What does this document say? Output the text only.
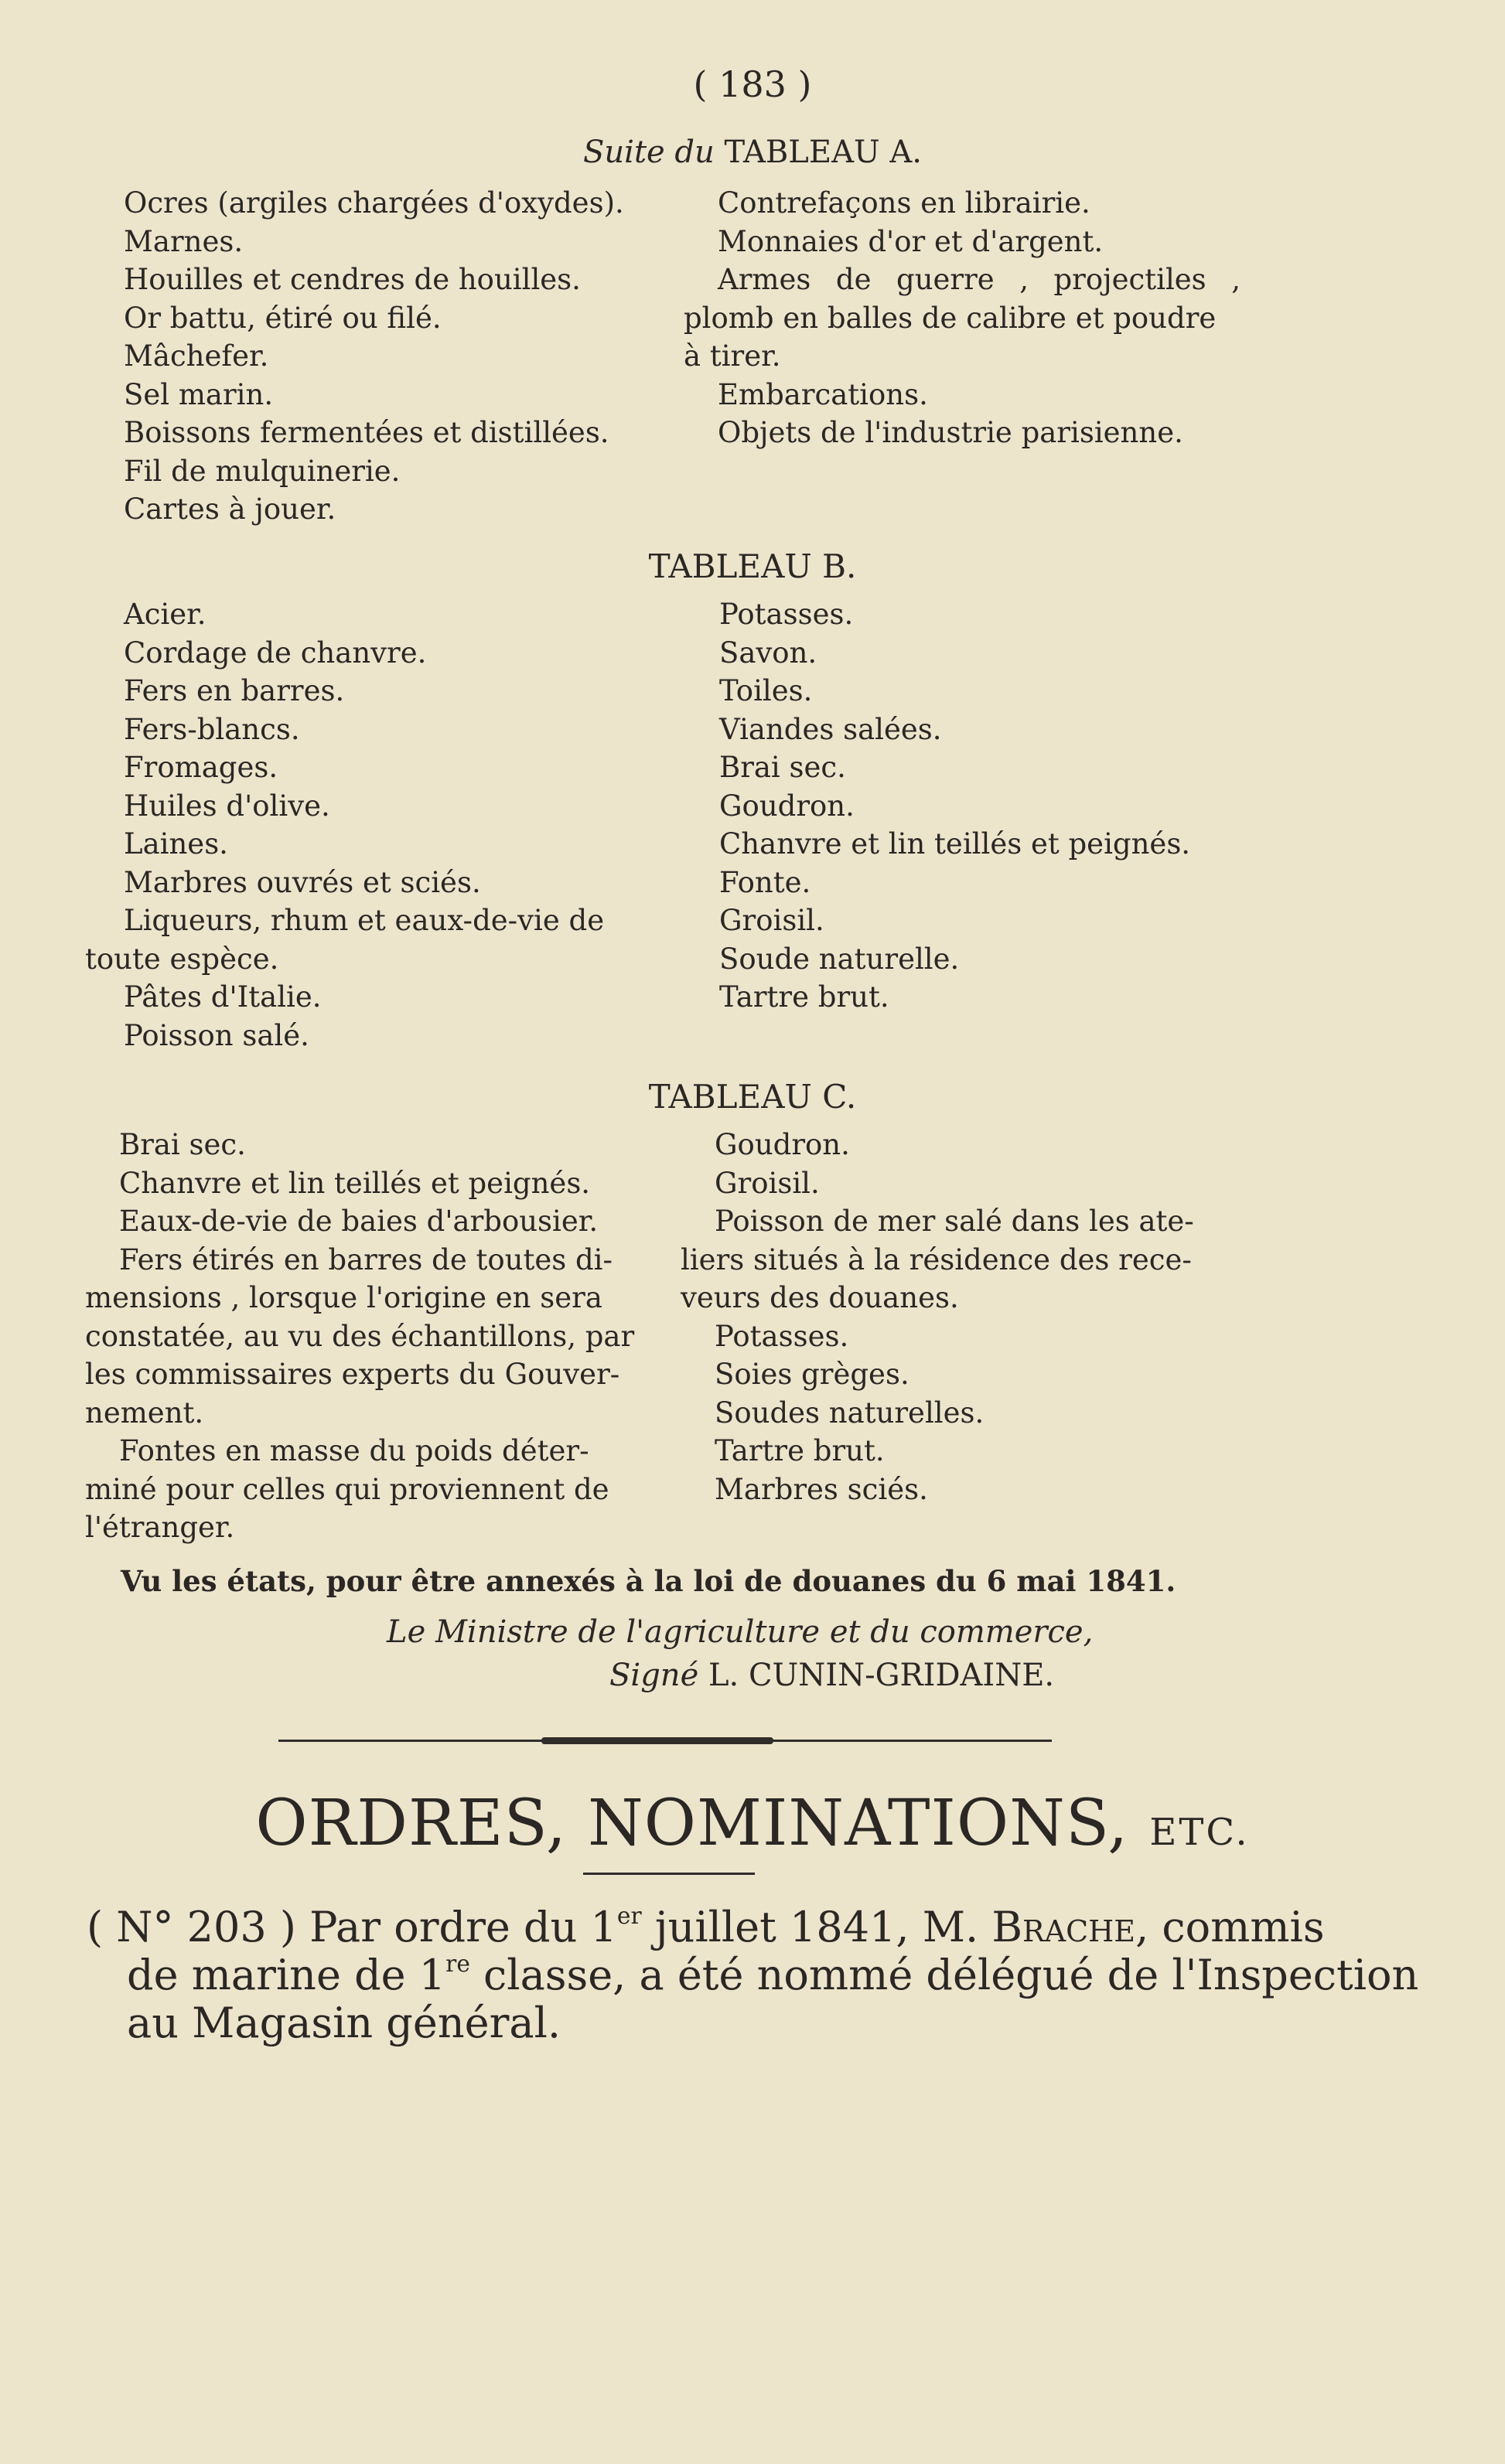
( 183 )
Suite du TABLEAU A.
Ocres (argiles chargées d'oxydes).
Marnes.
Houilles et cendres de houilles.
Or battu, étiré ou filé.
Mâchefer.
Sel marin.
Boissons fermentées et distillées.
Fil de mulquinerie.
Cartes à jouer.
Contrefaçons en librairie.
Monnaies d'or et d'argent.
Armes de guerre , projectiles ,
plomb en balles de calibre et poudre
à tirer.
Embarcations.
Objets de l'industrie parisienne.
TABLEAU B.
Acier.
Cordage de chanvre.
Fers en barres.
Fers-blancs.
Fromages.
Huiles d'olive.
Laines.
Marbres ouvrés et sciés.
Liqueurs, rhum et eaux-de-vie de
toute espèce.
Pâtes d'Italie.
Poisson salé.
Potasses.
Savon.
Toiles.
Viandes salées.
Brai sec.
Goudron.
Chanvre et lin teillés et peignés.
Fonte.
Groisil.
Soude naturelle.
Tartre brut.
TABLEAU C.
Brai sec.
Chanvre et lin teillés et peignés.
Eaux-de-vie de baies d'arbousier.
Fers étirés en barres de toutes di-
mensions , lorsque l'origine en sera
constatée, au vu des échantillons, par
les commissaires experts du Gouver-
nement.
Fontes en masse du poids déter-
miné pour celles qui proviennent de
l'étranger.
Goudron.
Groisil.
Poisson de mer salé dans les ate-
liers situés à la résidence des rece-
veurs des douanes.
Potasses.
Soies grèges.
Soudes naturelles.
Tartre brut.
Marbres sciés.
Vu les états, pour être annexés à la loi de douanes du 6 mai 1841.
Le Ministre de l'agriculture et du commerce,
Signé L. CUNIN-GRIDAINE.
ORDRES, NOMINATIONS, ETC.
( N° 203 ) Par ordre du 1er juillet 1841, M. Brache, commis
de marine de 1re classe, a été nommé délégué de l'Inspection
au Magasin général.
